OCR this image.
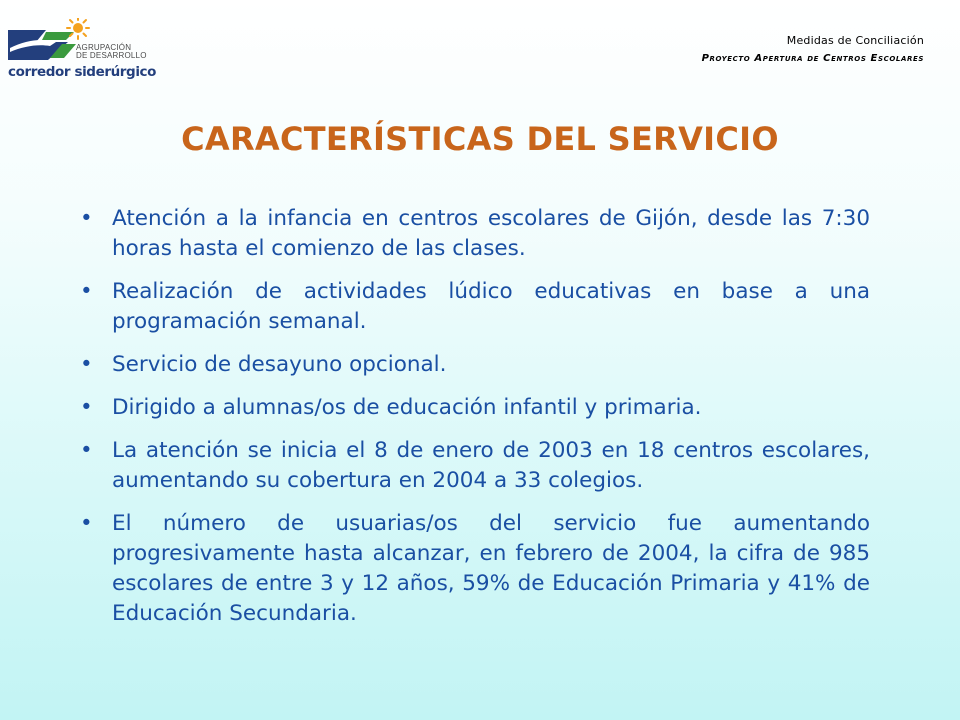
AGRUPACIÓN
DE DESARROLLO
corredor siderúrgico
Medidas de Conciliación
Proyecto Apertura de Centros Escolares
CARACTERÍSTICAS DEL SERVICIO
• Atención a la infancia en centros escolares de Gijón, desde las 7:30 horas hasta el comienzo de las clases.
• Realización de actividades lúdico educativas en base a una programación semanal.
• Servicio de desayuno opcional.
• Dirigido a alumnas/os de educación infantil y primaria.
• La atención se inicia el 8 de enero de 2003 en 18 centros escolares, aumentando su cobertura en 2004 a 33 colegios.
• El número de usuarias/os del servicio fue aumentando progresivamente hasta alcanzar, en febrero de 2004, la cifra de 985 escolares de entre 3 y 12 años, 59% de Educación Primaria y 41% de Educación Secundaria.
